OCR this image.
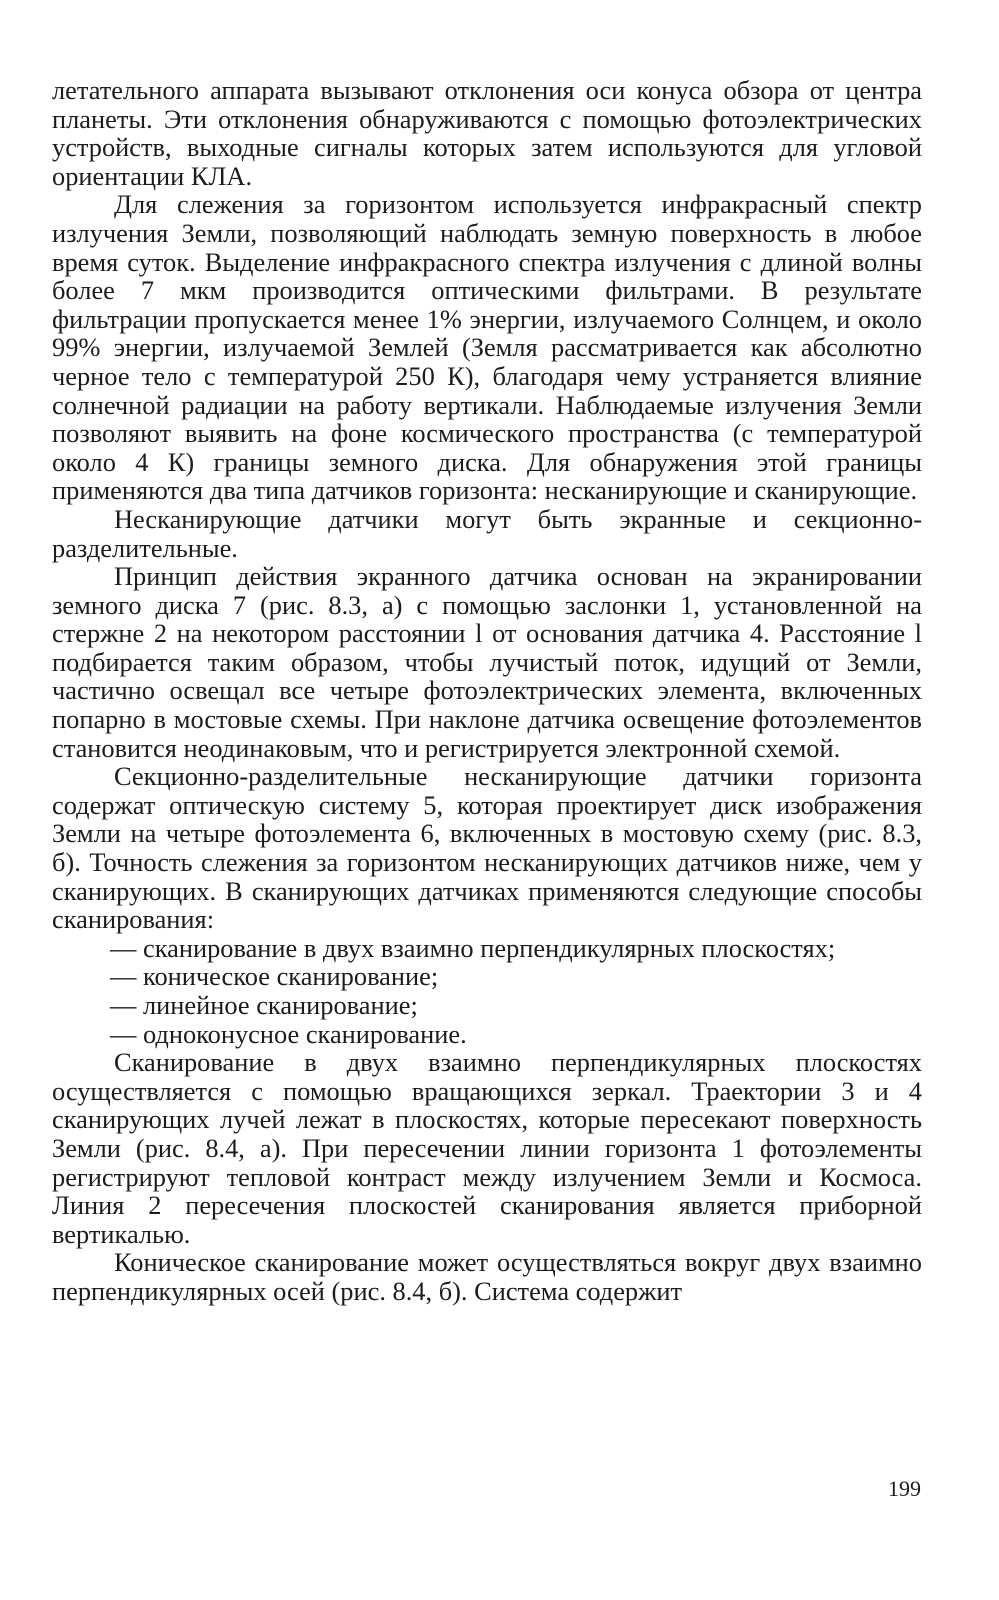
летательного аппарата вызывают отклонения оси конуса обзора от центра планеты. Эти отклонения обнаруживаются с помощью фотоэлектрических устройств, выходные сигналы которых затем используются для угловой ориентации КЛА.

Для слежения за горизонтом используется инфракрасный спектр излучения Земли, позволяющий наблюдать земную поверхность в любое время суток. Выделение инфракрасного спектра излучения с длиной волны более 7 мкм производится оптическими фильтрами. В результате фильтрации пропускается менее 1% энергии, излучаемого Солнцем, и около 99% энергии, излучаемой Землей (Земля рассматривается как абсолютно черное тело с температурой 250 К), благодаря чему устраняется влияние солнечной радиации на работу вертикали. Наблюдаемые излучения Земли позволяют выявить на фоне космического пространства (с температурой около 4 К) границы земного диска. Для обнаружения этой границы применяются два типа датчиков горизонта: несканирующие и сканирующие.

Несканирующие датчики могут быть экранные и секционно-разделительные.

Принцип действия экранного датчика основан на экранировании земного диска 7 (рис. 8.3, а) с помощью заслонки 1, установленной на стержне 2 на некотором расстоянии l от основания датчика 4. Расстояние l подбирается таким образом, чтобы лучистый поток, идущий от Земли, частично освещал все четыре фотоэлектрических элемента, включенных попарно в мостовые схемы. При наклоне датчика освещение фотоэлементов становится неодинаковым, что и регистрируется электронной схемой.

Секционно-разделительные несканирующие датчики горизонта содержат оптическую систему 5, которая проектирует диск изображения Земли на четыре фотоэлемента 6, включенных в мостовую схему (рис. 8.3, б). Точность слежения за горизонтом несканирующих датчиков ниже, чем у сканирующих. В сканирующих датчиках применяются следующие способы сканирования:

— сканирование в двух взаимно перпендикулярных плоскостях;

— коническое сканирование;

— линейное сканирование;

— одноконусное сканирование.

Сканирование в двух взаимно перпендикулярных плоскостях осуществляется с помощью вращающихся зеркал. Траектории 3 и 4 сканирующих лучей лежат в плоскостях, которые пересекают поверхность Земли (рис. 8.4, а). При пересечении линии горизонта 1 фотоэлементы регистрируют тепловой контраст между излучением Земли и Космоса. Линия 2 пересечения плоскостей сканирования является приборной вертикалью.

Коническое сканирование может осуществляться вокруг двух взаимно перпендикулярных осей (рис. 8.4, б). Система содержит

199
